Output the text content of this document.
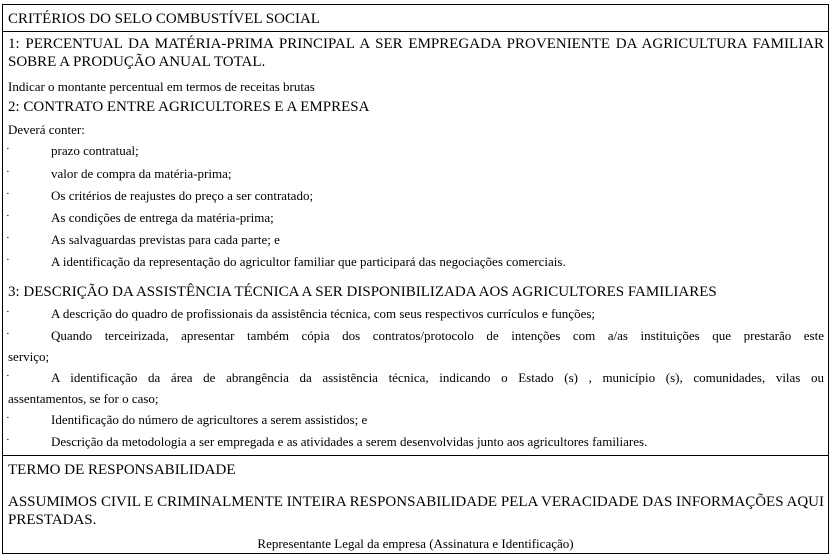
CRITÉRIOS DO SELO COMBUSTÍVEL SOCIAL
1: PERCENTUAL DA MATÉRIA-PRIMA PRINCIPAL A SER EMPREGADA PROVENIENTE DA AGRICULTURA FAMILIAR
SOBRE A PRODUÇÃO ANUAL TOTAL.
Indicar o montante percentual em termos de receitas brutas
2: CONTRATO ENTRE AGRICULTORES E A EMPRESA
Deverá conter:
·	prazo contratual;
·	valor de compra da matéria-prima;
·	Os critérios de reajustes do preço a ser contratado;
·	As condições de entrega da matéria-prima;
·	As salvaguardas previstas para cada parte; e
·	A identificação da representação do agricultor familiar que participará das negociações comerciais.
3: DESCRIÇÃO DA ASSISTÊNCIA TÉCNICA A SER DISPONIBILIZADA AOS AGRICULTORES FAMILIARES
·	A descrição do quadro de profissionais da assistência técnica, com seus respectivos currículos e funções;
·	Quando terceirizada, apresentar também cópia dos contratos/protocolo de intenções com a/as instituições que prestarão este
serviço;
·	A identificação da área de abrangência da assistência técnica, indicando o Estado (s) , município (s), comunidades, vilas ou
assentamentos, se for o caso;
·	Identificação do número de agricultores a serem assistidos; e
·	Descrição da metodologia a ser empregada e as atividades a serem desenvolvidas junto aos agricultores familiares.
TERMO DE RESPONSABILIDADE
ASSUMIMOS CIVIL E CRIMINALMENTE INTEIRA RESPONSABILIDADE PELA VERACIDADE DAS INFORMAÇÕES AQUI
PRESTADAS.
Representante Legal da empresa (Assinatura e Identificação)
